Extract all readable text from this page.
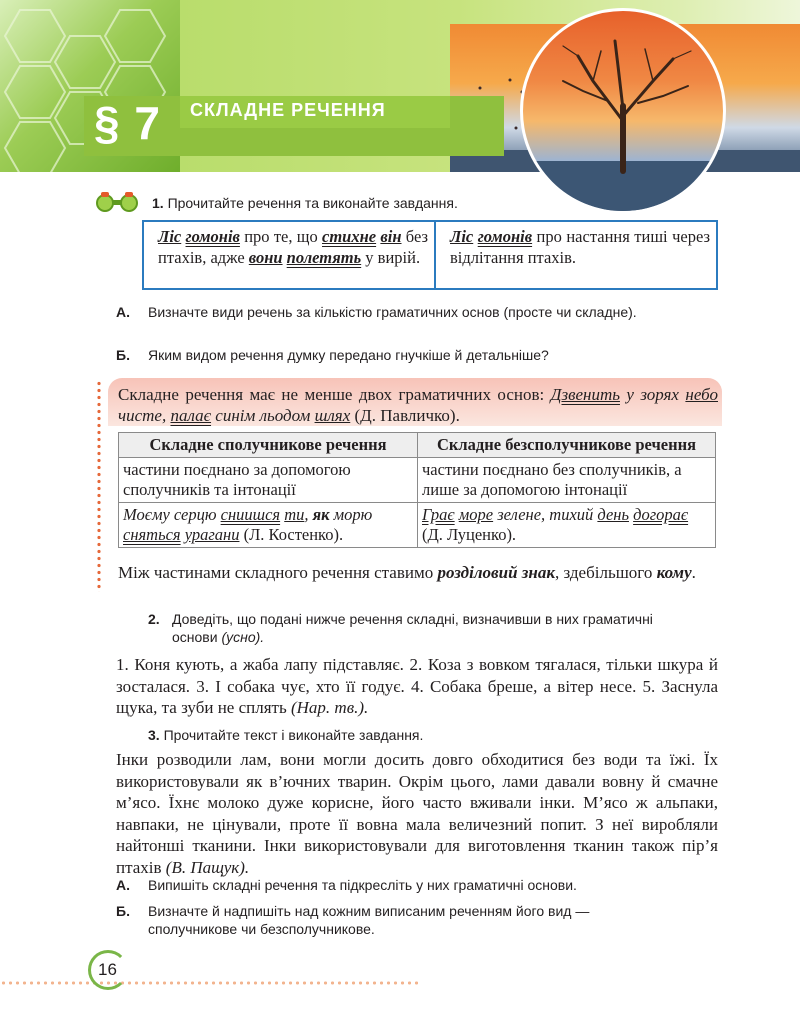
§ 7 СКЛАДНЕ РЕЧЕННЯ
1. Прочитайте речення та виконайте завдання.
Ліс гомонів про те, що стихне він без птахів, адже вони полетять у вирій.
Ліс гомонів про настання тиші через відлітання птахів.
А. Визначте види речень за кількістю граматичних основ (просте чи складне).
Б. Яким видом речення думку передано гнучкіше й детальніше?
Складне речення має не менше двох граматичних основ: Дзвенить у зорях небо чисте, палає синім льодом шлях (Д. Павличко).
Складне сполучникове речення	Складне безсполучникове речення
частини поєднано за допомогою сполучників та інтонації	частини поєднано без сполучників, а лише за допомогою інтонації
Моєму серцю сниишся ти, як морю сняться урагани (Л. Костенко).	Грає море зелене, тихий день догорає (Д. Луценко).
Між частинами складного речення ставимо розділовий знак, здебільшого кому.
2. Доведіть, що подані нижче речення складні, визначивши в них граматичні основи (усно).
1. Коня кують, а жаба лапу підставляє. 2. Коза з вовком тягалася, тільки шкура й зосталася. 3. І собака чує, хто її годує. 4. Собака бреше, а вітер несе. 5. Заснула щука, та зуби не сплять (Нар. тв.).
3. Прочитайте текст і виконайте завдання.
Інки розводили лам, вони могли досить довго обходитися без води та їжі. Їх використовували як в’ючних тварин. Окрім цього, лами давали вовну й смачне м’ясо. Їхнє молоко дуже корисне, його часто вживали інки. М’ясо ж альпаки, навпаки, не цінували, проте її вовна мала величезний попит. З неї виробляли найтонші тканини. Інки використовували для виготовлення тканин також пір’я птахів (В. Пащук).
А. Випишіть складні речення та підкресліть у них граматичні основи.
Б. Визначте й надпишіть над кожним виписаним реченням його вид — сполучникове чи безсполучникове.
16
